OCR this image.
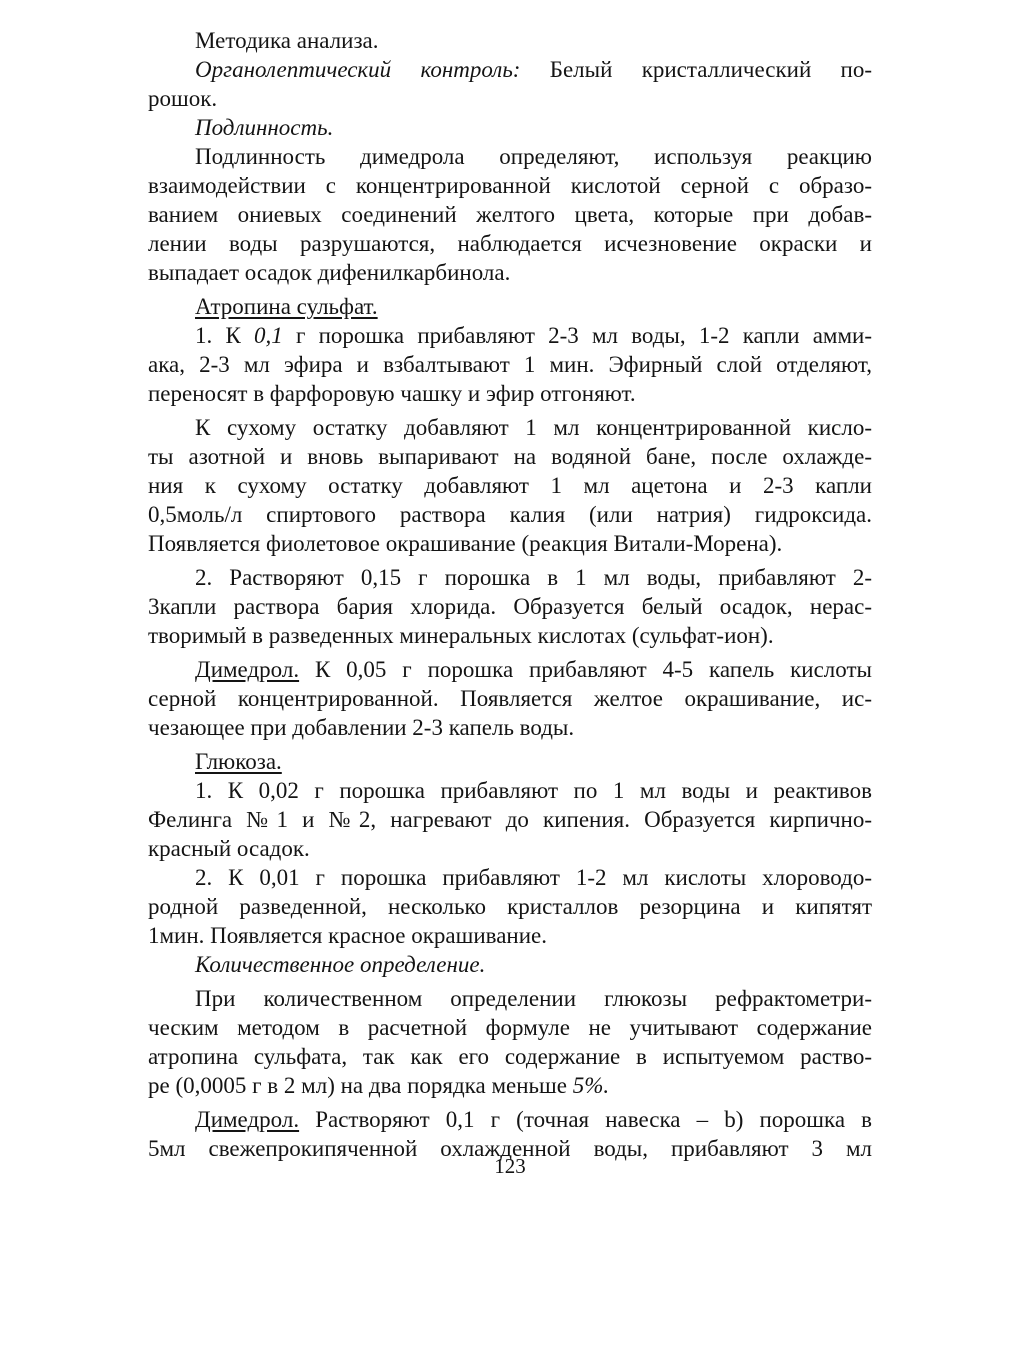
Методика анализа.
Органолептический контроль: Белый кристаллический по-
рошок.
Подлинность.
Подлинность димедрола определяют, используя реакцию
взаимодействии с концентрированной кислотой серной с образо-
ванием ониевых соединений желтого цвета, которые при добав-
лении воды разрушаются, наблюдается исчезновение окраски и
выпадает осадок дифенилкарбинола.
Атропина сульфат.
1. К 0,1 г порошка прибавляют 2-3 мл воды, 1-2 капли амми-
ака, 2-3 мл эфира и взбалтывают 1 мин. Эфирный слой отделяют,
переносят в фарфоровую чашку и эфир отгоняют.
К сухому остатку добавляют 1 мл концентрированной кисло-
ты азотной и вновь выпаривают на водяной бане, после охлажде-
ния к сухому остатку добавляют 1 мл ацетона и 2-3 капли
0,5моль/л спиртового раствора калия (или натрия) гидроксида.
Появляется фиолетовое окрашивание (реакция Витали-Морена).
2. Растворяют 0,15 г порошка в 1 мл воды, прибавляют 2-
3капли раствора бария хлорида. Образуется белый осадок, нерас-
творимый в разведенных минеральных кислотах (сульфат-ион).
Димедрол. К 0,05 г порошка прибавляют 4-5 капель кислоты
серной концентрированной. Появляется желтое окрашивание, ис-
чезающее при добавлении 2-3 капель воды.
Глюкоза.
1. К 0,02 г порошка прибавляют по 1 мл воды и реактивов
Фелинга №1 и №2, нагревают до кипения. Образуется кирпично-
красный осадок.
2. К 0,01 г порошка прибавляют 1-2 мл кислоты хлороводо-
родной разведенной, несколько кристаллов резорцина и кипятят
1мин. Появляется красное окрашивание.
Количественное определение.
При количественном определении глюкозы рефрактометри-
ческим методом в расчетной формуле не учитывают содержание
атропина сульфата, так как его содержание в испытуемом раство-
ре (0,0005 г в 2 мл) на два порядка меньше 5%.
Димедрол. Растворяют 0,1 г (точная навеска – b) порошка в
5мл свежепрокипяченной охлажденной воды, прибавляют 3 мл
123
